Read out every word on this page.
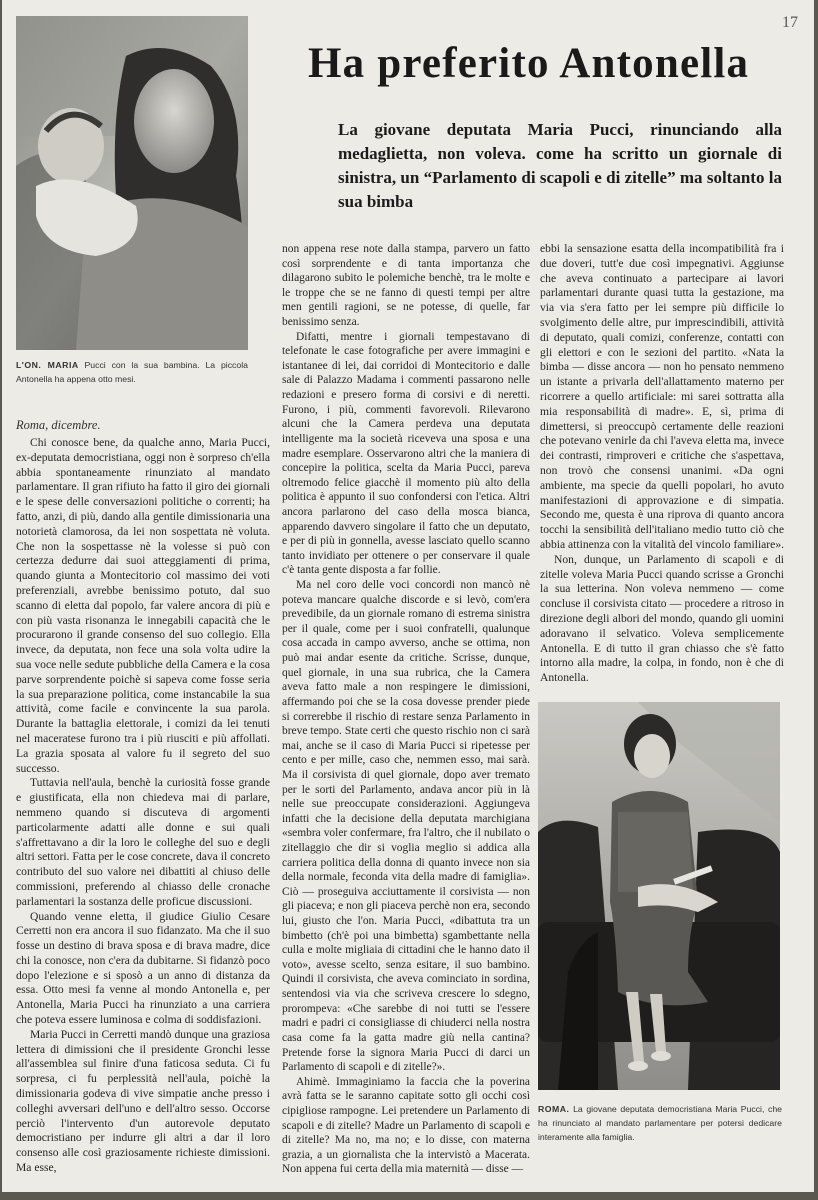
17

L'ON. MARIA Pucci con la sua bambina. La piccola Antonella ha appena otto mesi.

Ha preferito Antonella

La giovane deputata Maria Pucci, rinunciando alla medaglietta, non voleva. come ha scritto un giornale di sinistra, un “Parlamento di scapoli e di zitelle” ma soltanto la sua bimba

Roma, dicembre.

Chi conosce bene, da qualche anno, Maria Pucci, ex-deputata democristiana, oggi non è sorpreso ch'ella abbia spontaneamente rinunziato al mandato parlamentare. Il gran rifiuto ha fatto il giro dei giornali e le spese delle conversazioni politiche o correnti; ha fatto, anzi, di più, dando alla gentile dimissionaria una notorietà clamorosa, da lei non sospettata nè voluta. Che non la sospettasse nè la volesse si può con certezza dedurre dai suoi atteggiamenti di prima, quando giunta a Montecitorio col massimo dei voti preferenziali, avrebbe benissimo potuto, dal suo scanno di eletta dal popolo, far valere ancora di più e con più vasta risonanza le innegabili capacità che le procurarono il grande consenso del suo collegio. Ella invece, da deputata, non fece una sola volta udire la sua voce nelle sedute pubbliche della Camera e la cosa parve sorprendente poichè si sapeva come fosse seria la sua preparazione politica, come instancabile la sua attività, come facile e convincente la sua parola. Durante la battaglia elettorale, i comizi da lei tenuti nel maceratese furono tra i più riusciti e più affollati. La grazia sposata al valore fu il segreto del suo successo.

Tuttavia nell'aula, benchè la curiosità fosse grande e giustificata, ella non chiedeva mai di parlare, nemmeno quando si discuteva di argomenti particolarmente adatti alle donne e sui quali s'affrettavano a dir la loro le colleghe del suo e degli altri settori. Fatta per le cose concrete, dava il concreto contributo del suo valore nei dibattiti al chiuso delle commissioni, preferendo al chiasso delle cronache parlamentari la sostanza delle proficue discussioni.

Quando venne eletta, il giudice Giulio Cesare Cerretti non era ancora il suo fidanzato. Ma che il suo fosse un destino di brava sposa e di brava madre, dice chi la conosce, non c'era da dubitarne. Si fidanzò poco dopo l'elezione e si sposò a un anno di distanza da essa. Otto mesi fa venne al mondo Antonella e, per Antonella, Maria Pucci ha rinunziato a una carriera che poteva essere luminosa e colma di soddisfazioni.

Maria Pucci in Cerretti mandò dunque una graziosa lettera di dimissioni che il presidente Gronchi lesse all'assemblea sul finire d'una faticosa seduta. Ci fu sorpresa, ci fu perplessità nell'aula, poichè la dimissionaria godeva di vive simpatie anche presso i colleghi avversari dell'uno e dell'altro sesso. Occorse perciò l'intervento d'un autorevole deputato democristiano per indurre gli altri a dar il loro consenso alle così graziosamente richieste dimissioni. Ma esse,

non appena rese note dalla stampa, parvero un fatto così sorprendente e di tanta importanza che dilagarono subito le polemiche benchè, tra le molte e le troppe che se ne fanno di questi tempi per altre men gentili ragioni, se ne potesse, di quelle, far benissimo senza.

Difatti, mentre i giornali tempestavano di telefonate le case fotografiche per avere immagini e istantanee di lei, dai corridoi di Montecitorio e dalle sale di Palazzo Madama i commenti passarono nelle redazioni e presero forma di corsivi e di neretti. Furono, i più, commenti favorevoli. Rilevarono alcuni che la Camera perdeva una deputata intelligente ma la società riceveva una sposa e una madre esemplare. Osservarono altri che la maniera di concepire la politica, scelta da Maria Pucci, pareva oltremodo felice giacchè il momento più alto della politica è appunto il suo confondersi con l'etica. Altri ancora parlarono del caso della mosca bianca, apparendo davvero singolare il fatto che un deputato, e per di più in gonnella, avesse lasciato quello scanno tanto invidiato per ottenere o per conservare il quale c'è tanta gente disposta a far follie.

Ma nel coro delle voci concordi non mancò nè poteva mancare qualche discorde e si levò, com'era prevedibile, da un giornale romano di estrema sinistra per il quale, come per i suoi confratelli, qualunque cosa accada in campo avverso, anche se ottima, non può mai andar esente da critiche. Scrisse, dunque, quel giornale, in una sua rubrica, che la Camera aveva fatto male a non respingere le dimissioni, affermando poi che se la cosa dovesse prender piede si correrebbe il rischio di restare senza Parlamento in breve tempo. State certi che questo rischio non ci sarà mai, anche se il caso di Maria Pucci si ripetesse per cento e per mille, caso che, nemmen esso, mai sarà. Ma il corsivista di quel giornale, dopo aver tremato per le sorti del Parlamento, andava ancor più in là nelle sue preoccupate considerazioni. Aggiungeva infatti che la decisione della deputata marchigiana «sembra voler confermare, fra l'altro, che il nubilato o zitellaggio che dir si voglia meglio si addica alla carriera politica della donna di quanto invece non sia della normale, feconda vita della madre di famiglia». Ciò — proseguiva acciuttamente il corsivista — non gli piaceva; e non gli piaceva perchè non era, secondo lui, giusto che l'on. Maria Pucci, «dibattuta tra un bimbetto (ch'è poi una bimbetta) sgambettante nella culla e molte migliaia di cittadini che le hanno dato il voto», avesse scelto, senza esitare, il suo bambino. Quindi il corsivista, che aveva cominciato in sordina, sentendosi via via che scriveva crescere lo sdegno, prorompeva: «Che sarebbe di noi tutti se l'essere madri e padri ci consigliasse di chiuderci nella nostra casa come fa la gatta madre giù nella cantina? Pretende forse la signora Maria Pucci di darci un Parlamento di scapoli e di zitelle?».

Ahimè. Immaginiamo la faccia che la poverina avrà fatta se le saranno capitate sotto gli occhi così cipigliose rampogne. Lei pretendere un Parlamento di scapoli e di zitelle? Madre un Parlamento di scapoli e di zitelle? Ma no, ma no; e lo disse, con materna grazia, a un giornalista che la intervistò a Macerata. Non appena fui certa della mia maternità — disse —

ebbi la sensazione esatta della incompatibilità fra i due doveri, tutt'e due così impegnativi. Aggiunse che aveva continuato a partecipare ai lavori parlamentari durante quasi tutta la gestazione, ma via via s'era fatto per lei sempre più difficile lo svolgimento delle altre, pur imprescindibili, attività di deputato, quali comizi, conferenze, contatti con gli elettori e con le sezioni del partito. «Nata la bimba — disse ancora — non ho pensato nemmeno un istante a privarla dell'allattamento materno per ricorrere a quello artificiale: mi sarei sottratta alla mia responsabilità di madre». E, sì, prima di dimettersi, si preoccupò certamente delle reazioni che potevano venirle da chi l'aveva eletta ma, invece dei contrasti, rimproveri e critiche che s'aspettava, non trovò che consensi unanimi. «Da ogni ambiente, ma specie da quelli popolari, ho avuto manifestazioni di approvazione e di simpatia. Secondo me, questa è una riprova di quanto ancora tocchi la sensibilità dell'italiano medio tutto ciò che abbia attinenza con la vitalità del vincolo familiare».

Non, dunque, un Parlamento di scapoli e di zitelle voleva Maria Pucci quando scrisse a Gronchi la sua letterina. Non voleva nemmeno — come concluse il corsivista citato — procedere a ritroso in direzione degli albori del mondo, quando gli uomini adoravano il selvatico. Voleva semplicemente Antonella. E di tutto il gran chiasso che s'è fatto intorno alla madre, la colpa, in fondo, non è che di Antonella.

ROMA. La giovane deputata democristiana Maria Pucci, che ha rinunciato al mandato parlamentare per potersi dedicare interamente alla famiglia.
